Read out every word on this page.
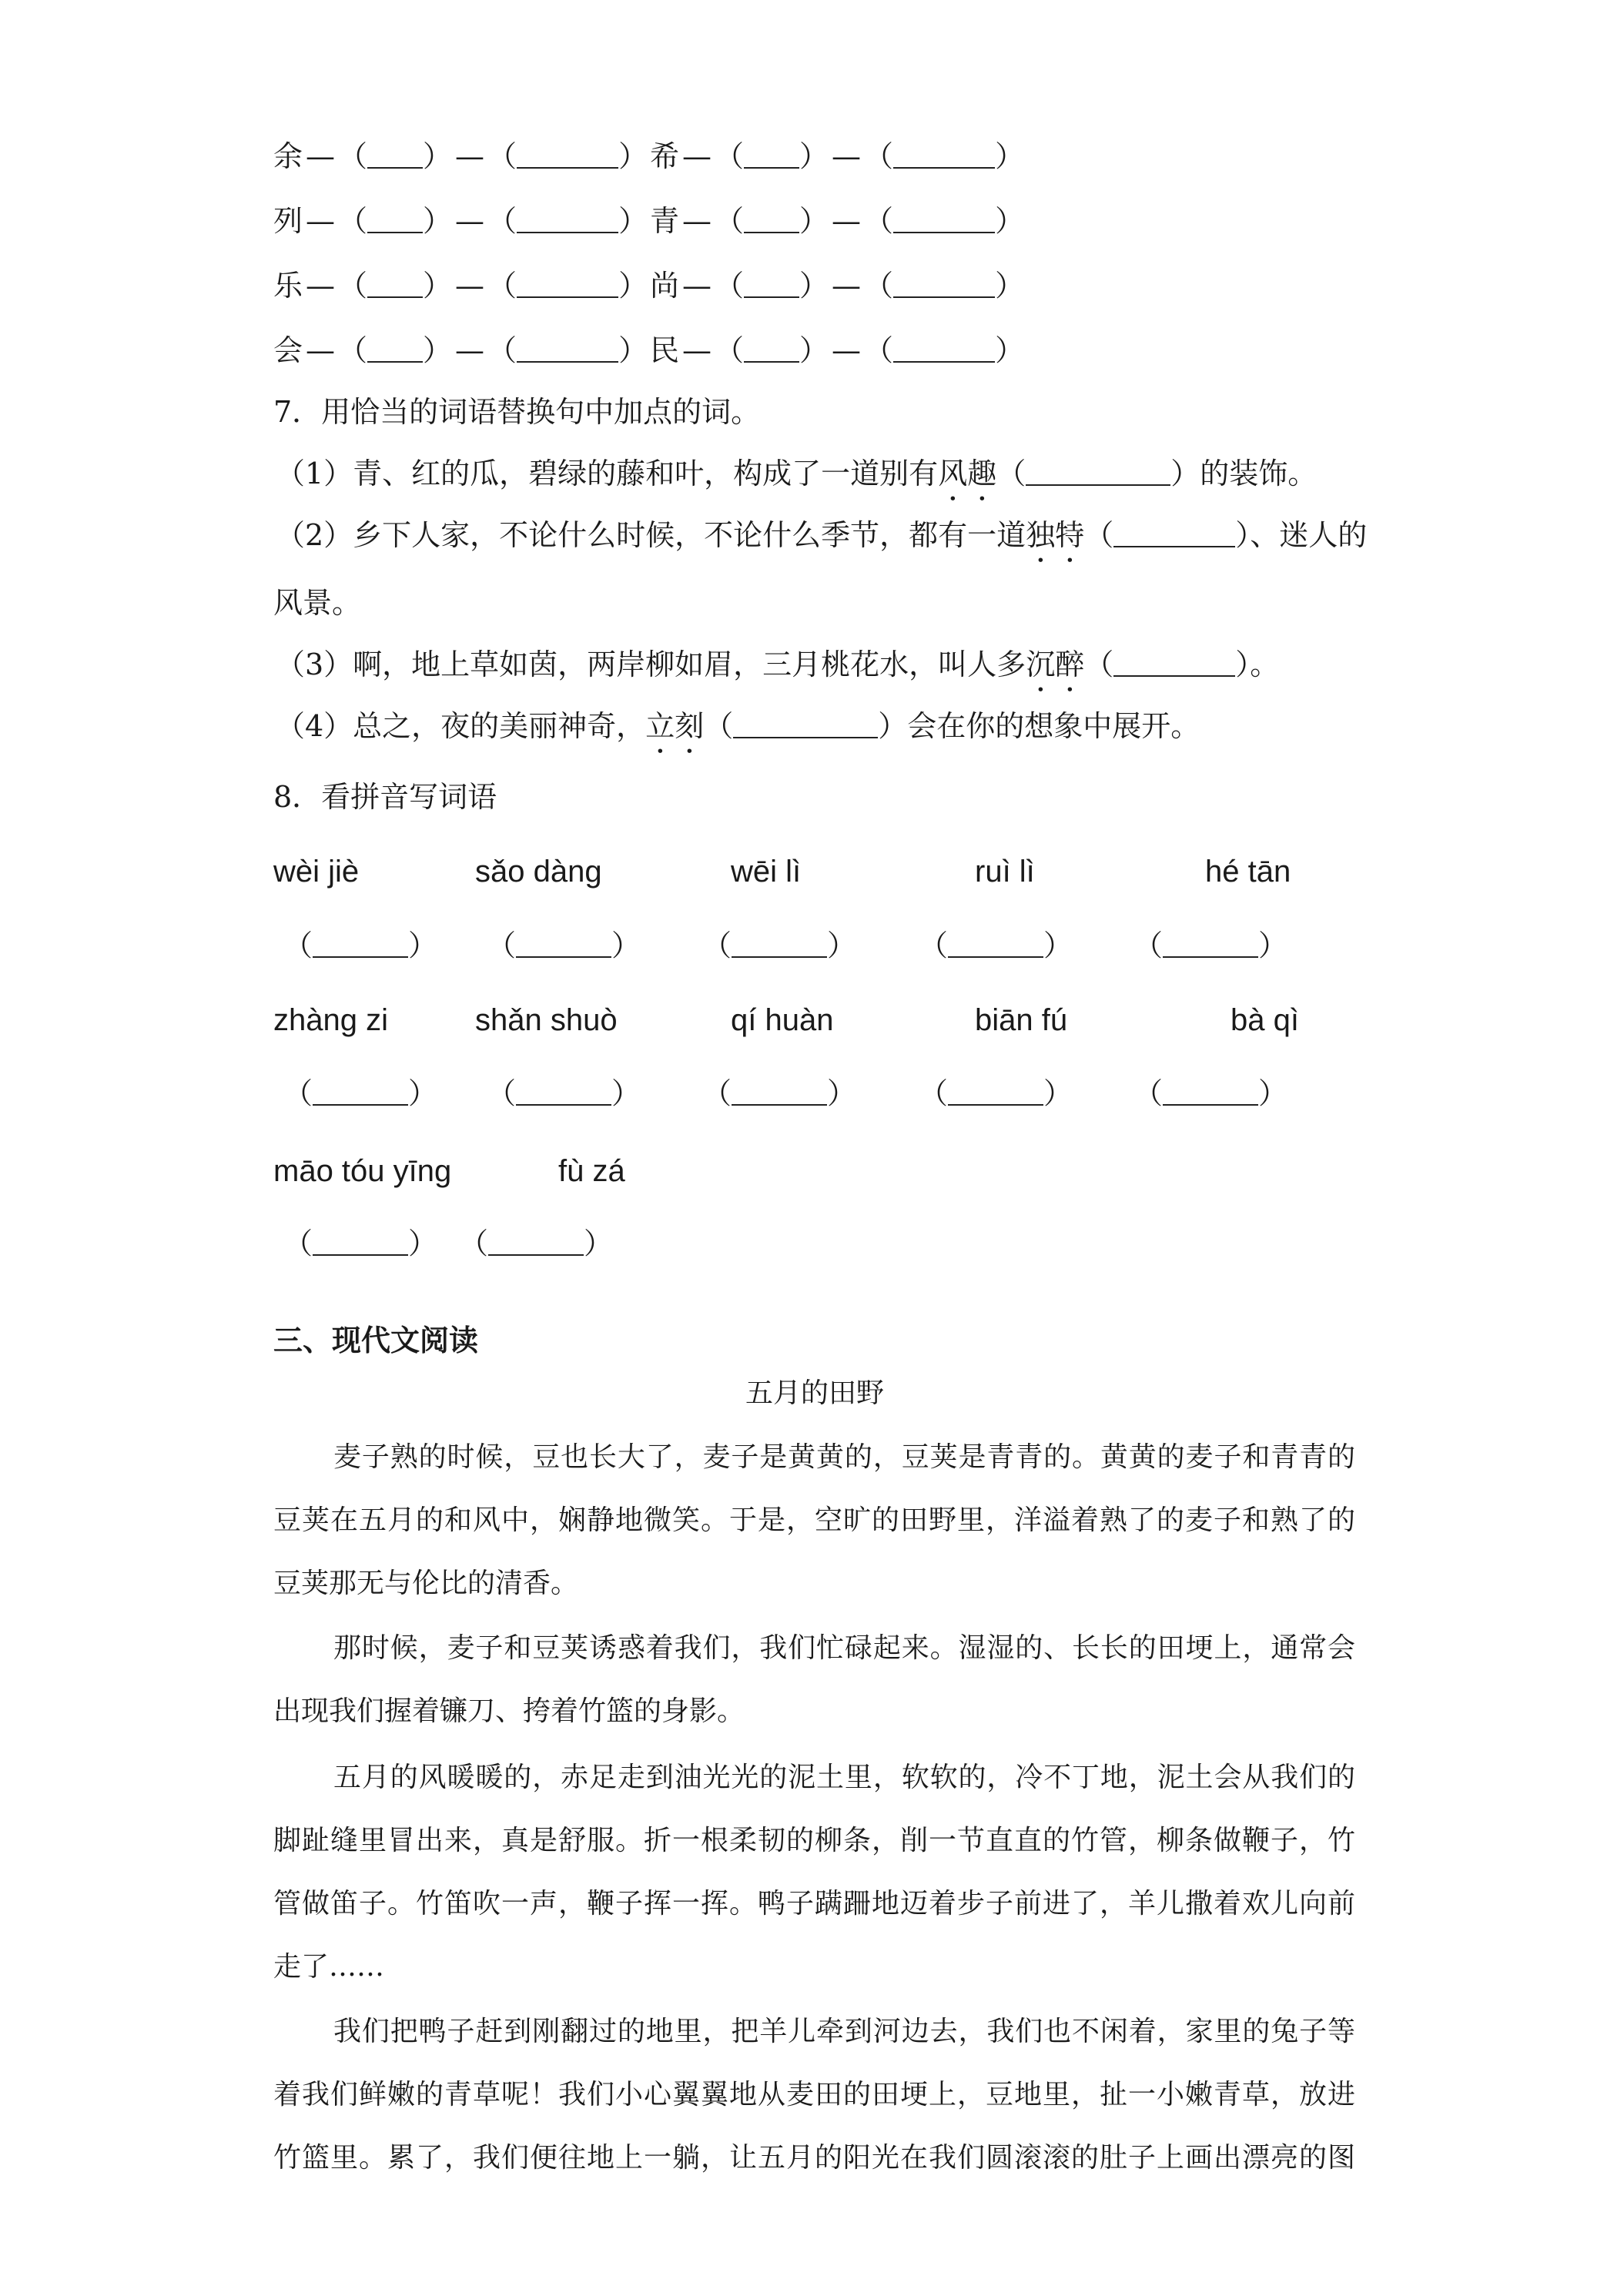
余 — （ ） — （	） 希 — （ ） — （	）
列 — （ ） — （	） 青 — （ ） — （	）
乐 — （ ） — （	） 尚 — （ ） — （	）
会 — （ ） — （	） 民 — （ ） — （	）
7．用恰当的词语替换句中加点的词。
（1）青、红的瓜，碧绿的藤和叶，构成了一道别有风趣（	）的装饰。
（2）乡下人家，不论什么时候，不论什么季节，都有一道独特（	）、迷人的
风景。
（3）啊，地上草如茵，两岸柳如眉，三月桃花水，叫人多沉醉（	）。
（4）总之，夜的美丽神奇，立刻（	）会在你的想象中展开。
8．看拼音写词语
wèi jiè	sǎo dàng	wēi lì	ruì lì	hé tān
（	） （	） （	） （	） （	）
zhàng zi	shǎn shuò	qí huàn	biān fú	bà qì
（	） （	） （	） （	） （	）
māo tóu yīng	fù zá
（	） （	）
三、现代文阅读
五月的田野
麦子熟的时候，豆也长大了，麦子是黄黄的，豆荚是青青的。黄黄的麦子和青青的
豆荚在五月的和风中，娴静地微笑。于是，空旷的田野里，洋溢着熟了的麦子和熟了的
豆荚那无与伦比的清香。
那时候，麦子和豆荚诱惑着我们，我们忙碌起来。湿湿的、长长的田埂上，通常会
出现我们握着镰刀、挎着竹篮的身影。
五月的风暖暖的，赤足走到油光光的泥土里，软软的，冷不丁地，泥土会从我们的
脚趾缝里冒出来，真是舒服。折一根柔韧的柳条，削一节直直的竹管，柳条做鞭子，竹
管做笛子。竹笛吹一声，鞭子挥一挥。鸭子蹒跚地迈着步子前进了，羊儿撒着欢儿向前
走了……
我们把鸭子赶到刚翻过的地里，把羊儿牵到河边去，我们也不闲着，家里的兔子等
着我们鲜嫩的青草呢！我们小心翼翼地从麦田的田埂上，豆地里，扯一小嫩青草，放进
竹篮里。累了，我们便往地上一躺，让五月的阳光在我们圆滚滚的肚子上画出漂亮的图
